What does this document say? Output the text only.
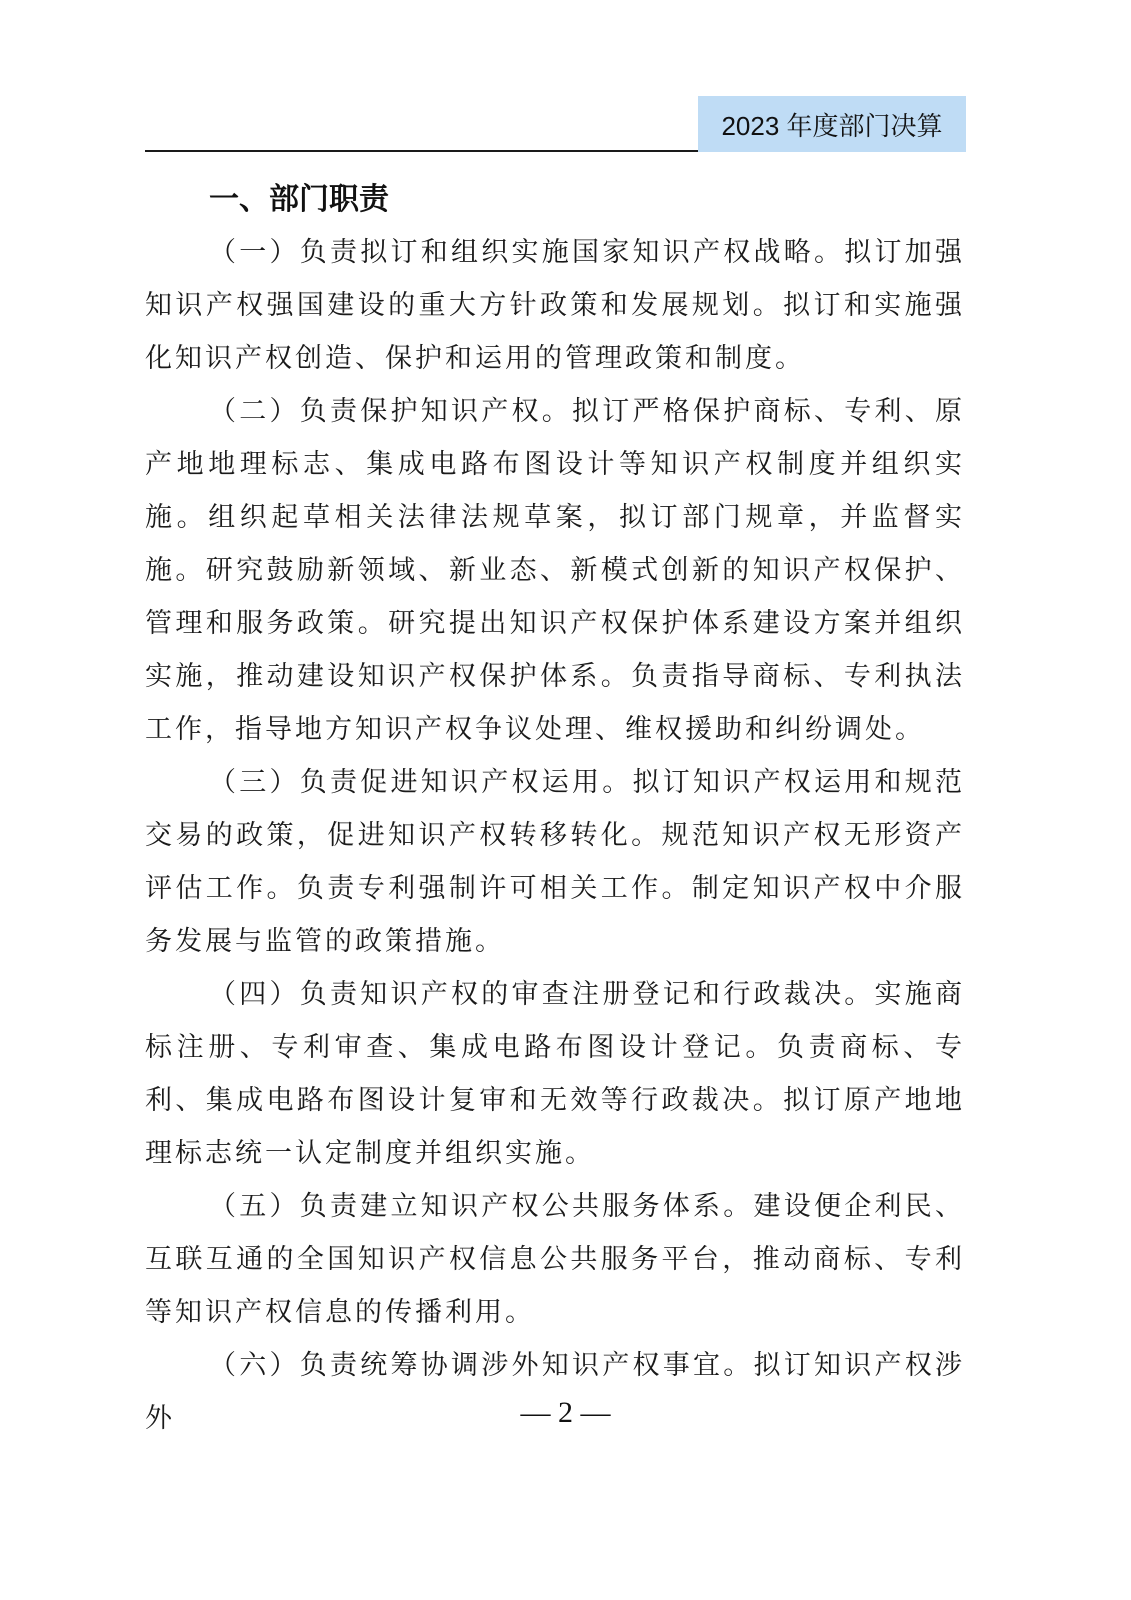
2023 年度部门决算
一、部门职责

（一）负责拟订和组织实施国家知识产权战略。拟订加强知识产权强国建设的重大方针政策和发展规划。拟订和实施强化知识产权创造、保护和运用的管理政策和制度。

（二）负责保护知识产权。拟订严格保护商标、专利、原产地地理标志、集成电路布图设计等知识产权制度并组织实施。组织起草相关法律法规草案，拟订部门规章，并监督实施。研究鼓励新领域、新业态、新模式创新的知识产权保护、管理和服务政策。研究提出知识产权保护体系建设方案并组织实施，推动建设知识产权保护体系。负责指导商标、专利执法工作，指导地方知识产权争议处理、维权援助和纠纷调处。

（三）负责促进知识产权运用。拟订知识产权运用和规范交易的政策，促进知识产权转移转化。规范知识产权无形资产评估工作。负责专利强制许可相关工作。制定知识产权中介服务发展与监管的政策措施。

（四）负责知识产权的审查注册登记和行政裁决。实施商标注册、专利审查、集成电路布图设计登记。负责商标、专利、集成电路布图设计复审和无效等行政裁决。拟订原产地地理标志统一认定制度并组织实施。

（五）负责建立知识产权公共服务体系。建设便企利民、互联互通的全国知识产权信息公共服务平台，推动商标、专利等知识产权信息的传播利用。

（六）负责统筹协调涉外知识产权事宜。拟订知识产权涉外	— 2 —
